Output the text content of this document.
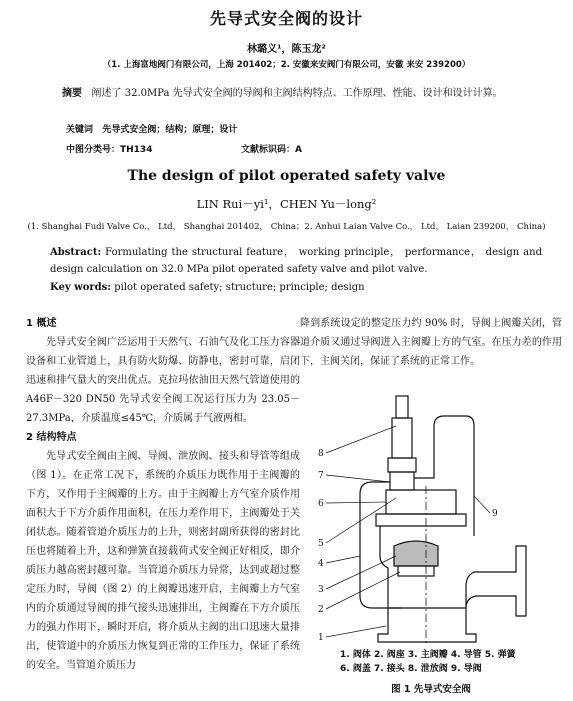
先导式安全阀的设计
林璐义¹，陈玉龙²
（1. 上海富地阀门有限公司，上海 201402；2. 安徽来安阀门有限公司，安徽 来安 239200）
摘要 阐述了 32.0MPa 先导式安全阀的导阀和主阀结构特点、工作原理、性能、设计和设计计算。
关键词 先导式安全阀；结构；原理；设计
中图分类号：TH134	文献标识码：A
The design of pilot operated safety valve
LIN Rui－yi¹，CHEN Yu－long²
(1. Shanghai Fudi Valve Co.， Ltd， Shanghai 201402， China；2. Anhui Laian Valve Co.， Ltd， Laian 239200， China)
Abstract: Formulating the structural feature， working principle， performance， design and design calculation on 32.0 MPa pilot operated safety valve and pilot valve.
Key words: pilot operated safety; structure; principle; design
1 概述

先导式安全阀广泛运用于天然气、石油气及化工压力容器设备和工业管道上，具有防火防爆、防静电，密封可靠，启闭迅速和排气量大的突出优点。克拉玛依油田天然气管道使用的 A46F－320 DN50 先导式安全阀工况运行压力为 23.05－27.3MPa，介质温度≤45℃，介质属于气液两相。

2 结构特点

先导式安全阀由主阀、导阀、泄放阀、接头和导管等组成（图 1）。在正常工况下，系统的介质压力既作用于主阀瓣的下方，又作用于主阀瓣的上方。由于主阀瓣上方气室介质作用面积大于下方介质作用面积，在压力差作用下，主阀瓣处于关闭状态。随着管道介质压力的上升，则密封副所获得的密封比压也将随着上升，这和弹簧直接载荷式安全阀正好相反，即介质压力越高密封越可靠。当管道介质压力异常，达到或超过整定压力时，导阀（图 2）的上阀瓣迅速开启，主阀瓣上方气室内的介质通过导阀的排气接头迅速排出，主阀瓣在下方介质压力的强力作用下，瞬时开启，将介质从主阀的出口迅速大量排出，使管道中的介质压力恢复到正常的工作压力，保证了系统的安全。当管道介质压力

降到系统设定的整定压力约 90% 时，导阀上阀瓣关闭，管道介质又通过导阀进入主阀瓣上方的气室。在压力差的作用下，主阀关闭，保证了系统的正常工作。
8
7
6
5
4
3
2
1
9
1. 阀体 2. 阀座 3. 主阀瓣 4. 导管 5. 弹簧
6. 阀盖 7. 接头 8. 泄放阀 9. 导阀
图 1 先导式安全阀
